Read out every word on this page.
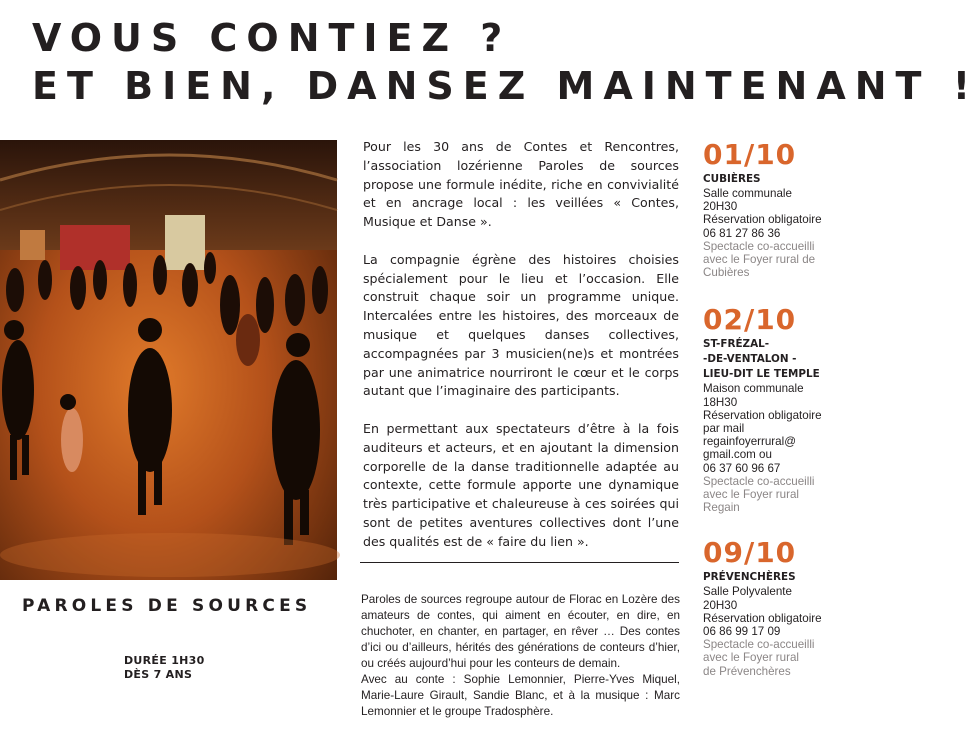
VOUS CONTIEZ ?
ET BIEN, DANSEZ MAINTENANT !
PAROLES DE SOURCES
DURÉE 1H30
DÈS 7 ANS

Pour les 30 ans de Contes et Rencontres, l’association lozérienne Paroles de sources propose une formule inédite, riche en convivialité et en ancrage local : les veillées « Contes, Musique et Danse ».

La compagnie égrène des histoires choisies spécialement pour le lieu et l’occasion. Elle construit chaque soir un programme unique. Intercalées entre les histoires, des morceaux de musique et quelques danses collectives, accompagnées par 3 musicien(ne)s et montrées par une animatrice nourriront le cœur et le corps autant que l’imaginaire des participants.

En permettant aux spectateurs d’être à la fois auditeurs et acteurs, et en ajoutant la dimension corporelle de la danse traditionnelle adaptée au contexte, cette formule apporte une dynamique très participative et chaleureuse à ces soirées qui sont de petites aventures collectives dont l’une des qualités est de « faire du lien ».

Paroles de sources regroupe autour de Florac en Lozère des amateurs de contes, qui aiment en écouter, en dire, en chuchoter, en chanter, en partager, en rêver … Des contes d’ici ou d’ailleurs, hérités des générations de conteurs d’hier, ou créés aujourd’hui pour les conteurs de demain.

Avec au conte : Sophie Lemonnier, Pierre-Yves Miquel, Marie-Laure Girault, Sandie Blanc, et à la musique : Marc Lemonnier et le groupe Tradosphère.

01/10
CUBIÈRES
Salle communale
20H30
Réservation obligatoire
06 81 27 86 36
Spectacle co-accueilli
avec le Foyer rural de
Cubières
02/10
ST-FRÉZAL-
-DE-VENTALON -
LIEU-DIT LE TEMPLE
Maison communale
18H30
Réservation obligatoire
par mail
regainfoyerrural@
gmail.com ou
06 37 60 96 67
Spectacle co-accueilli
avec le Foyer rural
Regain
09/10
PRÉVENCHÈRES
Salle Polyvalente
20H30
Réservation obligatoire
06 86 99 17 09
Spectacle co-accueilli
avec le Foyer rural
de Prévenchères
